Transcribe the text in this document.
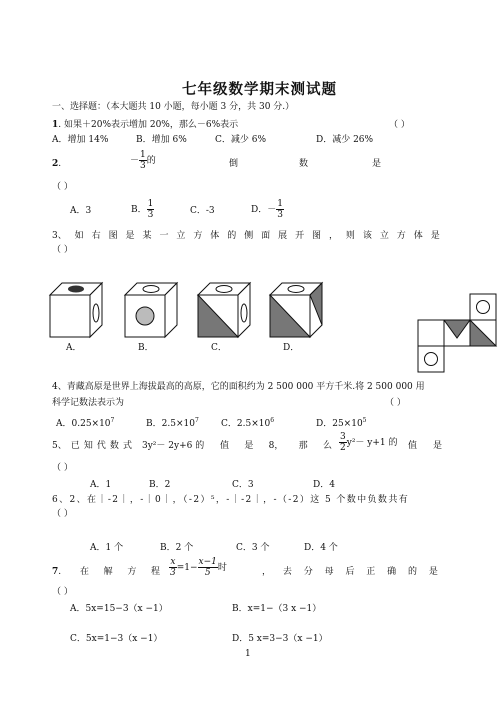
七年级数学期末测试题
一、选择题：（本大题共 10 小题，每小题 3 分，共 30 分.）
1. 如果＋20%表示增加 20%，那么－6%表示	（ ）
A．增加 14%	B．增加 6%	C．减少 6%	D．减少 26%
2.	－ $\frac{1}{3}$ 的	倒	数	是
（ ）
A．3	B． $\frac{1}{3}$	C．-3	D．－ $\frac{1}{3}$
3、 如 右 图 是 某 一 立 方 体 的 侧 面 展 开 图 ， 则 该 立 方 体 是
（ ）
A．	B．	C．	D．
4、青藏高原是世界上海拔最高的高原，它的面积约为 2 500 000 平方千米.将 2 500 000 用
科学记数法表示为	（ ）
A．$0.25\times 10^7$	B．$2.5\times 10^7$ C．$2.5\times 10^6$	D．$25\times 10^5$
5、 已 知 代 数 式 3y²－ 2y+6 的 值 是 8， 那 么 $\frac{3}{2} y^2- y+1$ 的 值 是
（ ）
A．1	B．2	C．3	D．4
6、2、在｜-2｜，-｜0｜，（-2）⁵，-｜-2｜，-（-2）这 5 个数中负数共有
（ ）
A．1 个	B．2 个	C．3 个	D．4 个
7. 在 解 方 程 $\frac{x}{3} =1- \frac{x-1}{5}$ 时	， 去 分 母 后 正 确 的 是
（ ）
A．5x=15−3（x −1）	B．x=1−（3 x −1）
C．5x=1−3（x −1）	D．5 x=3−3（x −1）
1
